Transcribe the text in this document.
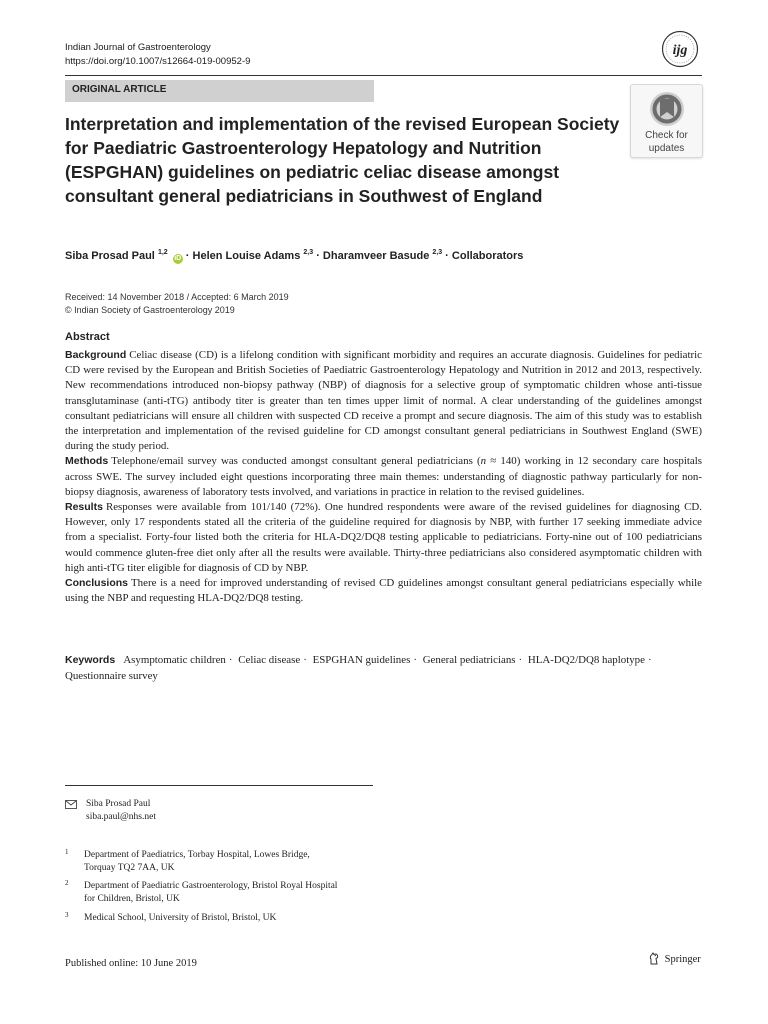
Indian Journal of Gastroenterology
https://doi.org/10.1007/s12664-019-00952-9
ijg
ORIGINAL ARTICLE
Check for
updates
Interpretation and implementation of the revised European Society for Paediatric Gastroenterology Hepatology and Nutrition (ESPGHAN) guidelines on pediatric celiac disease amongst consultant general pediatricians in Southwest of England
Siba Prosad Paul $^{1,2}$ iD · Helen Louise Adams $^{2,3}$ · Dharamveer Basude $^{2,3}$ · Collaborators
Received: 14 November 2018 / Accepted: 6 March 2019
© Indian Society of Gastroenterology 2019
Abstract

Background Celiac disease (CD) is a lifelong condition with significant morbidity and requires an accurate diagnosis. Guidelines for pediatric CD were revised by the European and British Societies of Paediatric Gastroenterology Hepatology and Nutrition in 2012 and 2013, respectively. New recommendations introduced non-biopsy pathway (NBP) of diagnosis for a selective group of symptomatic children whose anti-tissue transglutaminase (anti-tTG) antibody titer is greater than ten times upper limit of normal. A clear understanding of the guidelines amongst consultant pediatricians will ensure all children with suspected CD receive a prompt and secure diagnosis. The aim of this study was to establish the interpretation and implementation of the revised guideline for CD amongst consultant general pediatricians in Southwest England (SWE) during the study period.

Methods Telephone/email survey was conducted amongst consultant general pediatricians (n ≈ 140) working in 12 secondary care hospitals across SWE. The survey included eight questions incorporating three main themes: understanding of diagnostic pathway particularly for non-biopsy diagnosis, awareness of laboratory tests involved, and variations in practice in relation to the revised guidelines.

Results Responses were available from 101/140 (72%). One hundred respondents were aware of the revised guidelines for diagnosing CD. However, only 17 respondents stated all the criteria of the guideline required for diagnosis by NBP, with further 17 seeking immediate advice from a specialist. Forty-four listed both the criteria for HLA-DQ2/DQ8 testing applicable to pediatricians. Forty-nine out of 100 pediatricians would commence gluten-free diet only after all the results were available. Thirty-three pediatricians also considered asymptomatic children with high anti-tTG titer eligible for diagnosis of CD by NBP.

Conclusions There is a need for improved understanding of revised CD guidelines amongst consultant general pediatricians especially while using the NBP and requesting HLA-DQ2/DQ8 testing.

Keywords Asymptomatic children · Celiac disease · ESPGHAN guidelines · General pediatricians · HLA-DQ2/DQ8 haplotype · Questionnaire survey
Siba Prosad Paul
siba.paul@nhs.net
1 Department of Paediatrics, Torbay Hospital, Lowes Bridge,
Torquay TQ2 7AA, UK
2 Department of Paediatric Gastroenterology, Bristol Royal Hospital
for Children, Bristol, UK
3 Medical School, University of Bristol, Bristol, UK
Published online: 10 June 2019	Springer
